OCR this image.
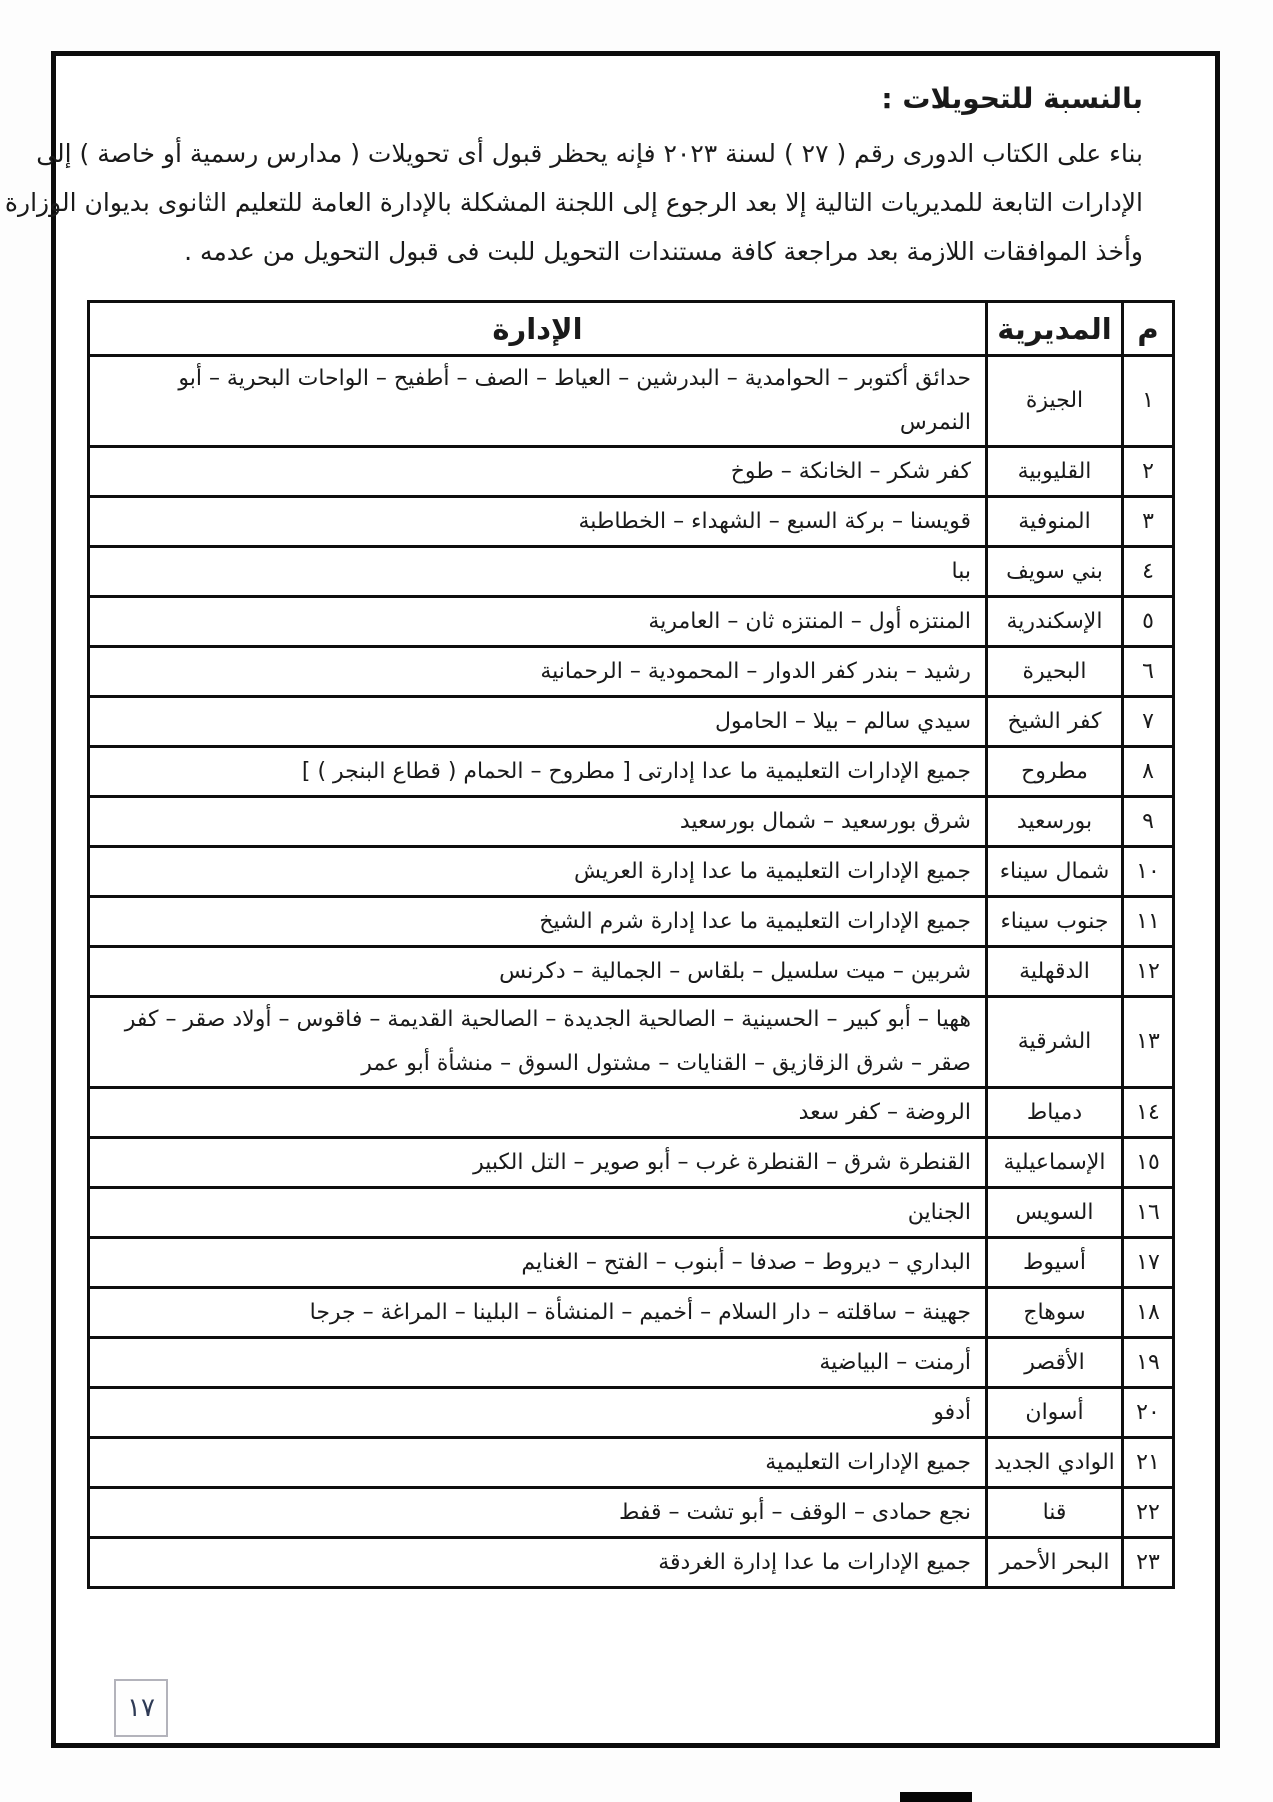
بالنسبة للتحويلات :
بناء على الكتاب الدورى رقم ( ٢٧ ) لسنة ٢٠٢٣ فإنه يحظر قبول أى تحويلات ( مدارس رسمية أو خاصة ) إلى
الإدارات التابعة للمديريات التالية إلا بعد الرجوع إلى اللجنة المشكلة بالإدارة العامة للتعليم الثانوى بديوان الوزارة
وأخذ الموافقات اللازمة بعد مراجعة كافة مستندات التحويل للبت فى قبول التحويل من عدمه .
م	المديرية	الإدارة
١	الجيزة	حدائق أكتوبر – الحوامدية – البدرشين – العياط – الصف – أطفيح – الواحات البحرية – أبو النمرس
٢	القليوبية	كفر شكر – الخانكة – طوخ
٣	المنوفية	قويسنا – بركة السبع – الشهداء – الخطاطبة
٤	بني سويف	ببا
٥	الإسكندرية	المنتزه أول – المنتزه ثان – العامرية
٦	البحيرة	رشيد – بندر كفر الدوار – المحمودية – الرحمانية
٧	كفر الشيخ	سيدي سالم – بيلا – الحامول
٨	مطروح	جميع الإدارات التعليمية ما عدا إدارتى [ مطروح – الحمام ( قطاع البنجر ) ]
٩	بورسعيد	شرق بورسعيد – شمال بورسعيد
١٠	شمال سيناء	جميع الإدارات التعليمية ما عدا إدارة العريش
١١	جنوب سيناء	جميع الإدارات التعليمية ما عدا إدارة شرم الشيخ
١٢	الدقهلية	شربين – ميت سلسيل – بلقاس – الجمالية – دكرنس
١٣	الشرقية	ههيا – أبو كبير – الحسينية – الصالحية الجديدة – الصالحية القديمة – فاقوس – أولاد صقر – كفر صقر – شرق الزقازيق – القنايات – مشتول السوق – منشأة أبو عمر
١٤	دمياط	الروضة – كفر سعد
١٥	الإسماعيلية	القنطرة شرق – القنطرة غرب – أبو صوير – التل الكبير
١٦	السويس	الجناين
١٧	أسيوط	البداري – ديروط – صدفا – أبنوب – الفتح – الغنايم
١٨	سوهاج	جهينة – ساقلته – دار السلام – أخميم – المنشأة – البلينا – المراغة – جرجا
١٩	الأقصر	أرمنت – البياضية
٢٠	أسوان	أدفو
٢١	الوادي الجديد	جميع الإدارات التعليمية
٢٢	قنا	نجع حمادى – الوقف – أبو تشت – قفط
٢٣	البحر الأحمر	جميع الإدارات ما عدا إدارة الغردقة
١٧
